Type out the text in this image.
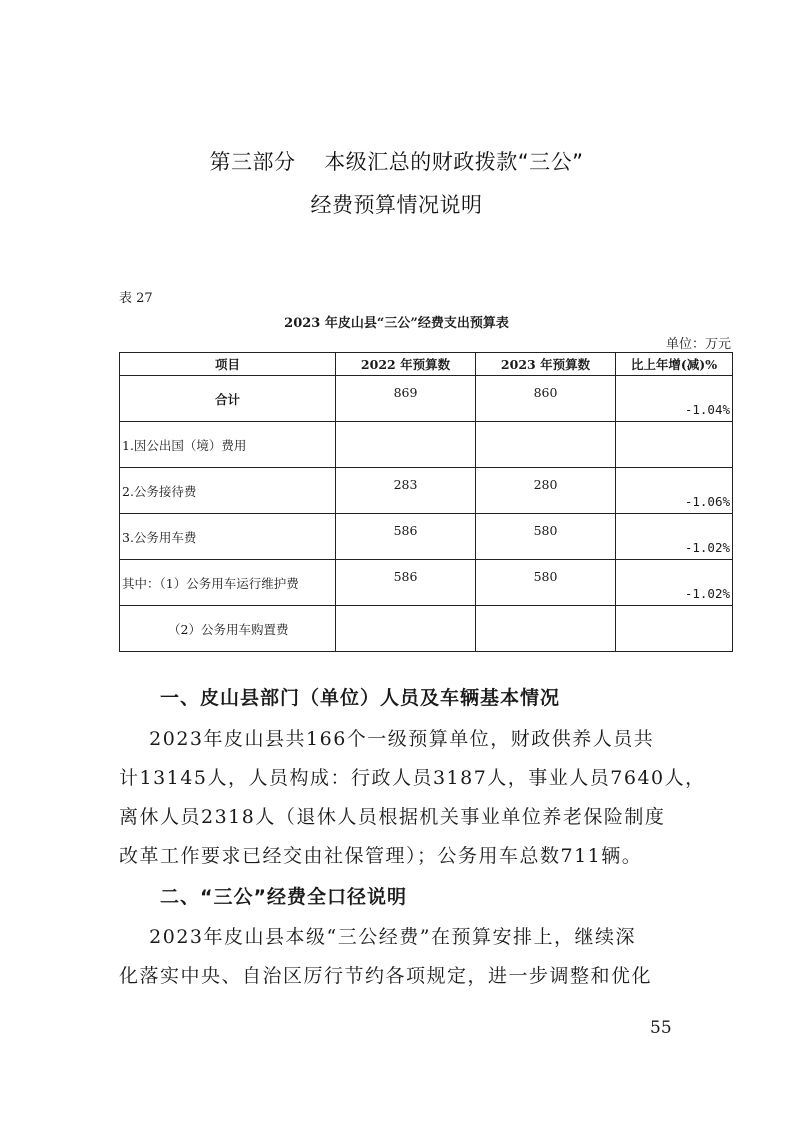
第三部分    本级汇总的财政拨款“三公”
经费预算情况说明
表 27
2023 年皮山县“三公”经费支出预算表
单位：万元
项目	2022 年预算数	2023 年预算数	比上年增(减)%
合计	869	860	-1.04%

1.因公出国（境）费用	

2.公务接待费	283	280	-1.06%

3.公务用车费	586	580	-1.02%

其中：（1）公务用车运行维护费	586	580	-1.02%

（2）公务用车购置费	

一、皮山县部门（单位）人员及车辆基本情况
2023年皮山县共166个一级预算单位，财政供养人员共
计13145人，人员构成：行政人员3187人，事业人员7640人，
离休人员2318人（退休人员根据机关事业单位养老保险制度
改革工作要求已经交由社保管理）；公务用车总数711辆。
二、“三公”经费全口径说明
2023年皮山县本级“三公经费”在预算安排上，继续深
化落实中央、自治区厉行节约各项规定，进一步调整和优化
55
